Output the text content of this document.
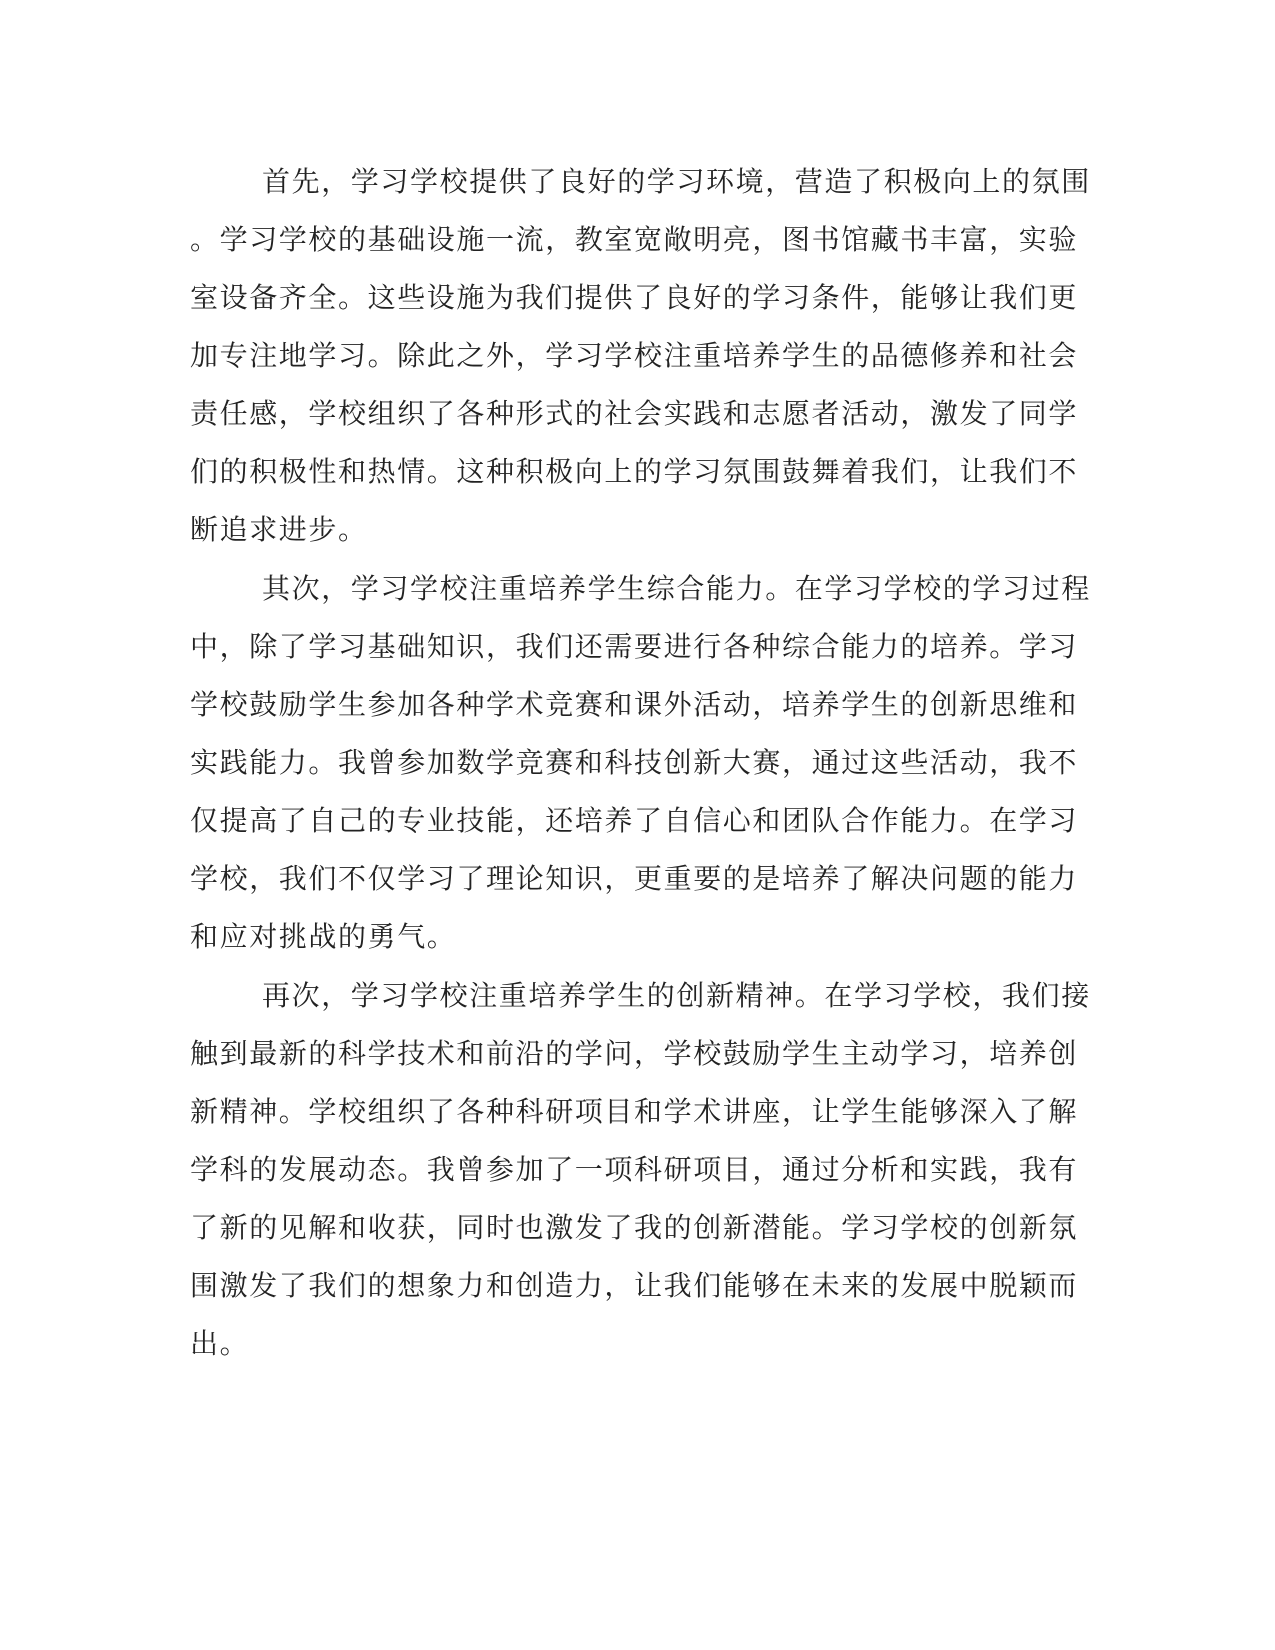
首先，学习学校提供了良好的学习环境，营造了积极向上的氛围
。学习学校的基础设施一流，教室宽敞明亮，图书馆藏书丰富，实验
室设备齐全。这些设施为我们提供了良好的学习条件，能够让我们更
加专注地学习。除此之外，学习学校注重培养学生的品德修养和社会
责任感，学校组织了各种形式的社会实践和志愿者活动，激发了同学
们的积极性和热情。这种积极向上的学习氛围鼓舞着我们，让我们不
断追求进步。
其次，学习学校注重培养学生综合能力。在学习学校的学习过程
中，除了学习基础知识，我们还需要进行各种综合能力的培养。学习
学校鼓励学生参加各种学术竞赛和课外活动，培养学生的创新思维和
实践能力。我曾参加数学竞赛和科技创新大赛，通过这些活动，我不
仅提高了自己的专业技能，还培养了自信心和团队合作能力。在学习
学校，我们不仅学习了理论知识，更重要的是培养了解决问题的能力
和应对挑战的勇气。
再次，学习学校注重培养学生的创新精神。在学习学校，我们接
触到最新的科学技术和前沿的学问，学校鼓励学生主动学习，培养创
新精神。学校组织了各种科研项目和学术讲座，让学生能够深入了解
学科的发展动态。我曾参加了一项科研项目，通过分析和实践，我有
了新的见解和收获，同时也激发了我的创新潜能。学习学校的创新氛
围激发了我们的想象力和创造力，让我们能够在未来的发展中脱颖而
出。
